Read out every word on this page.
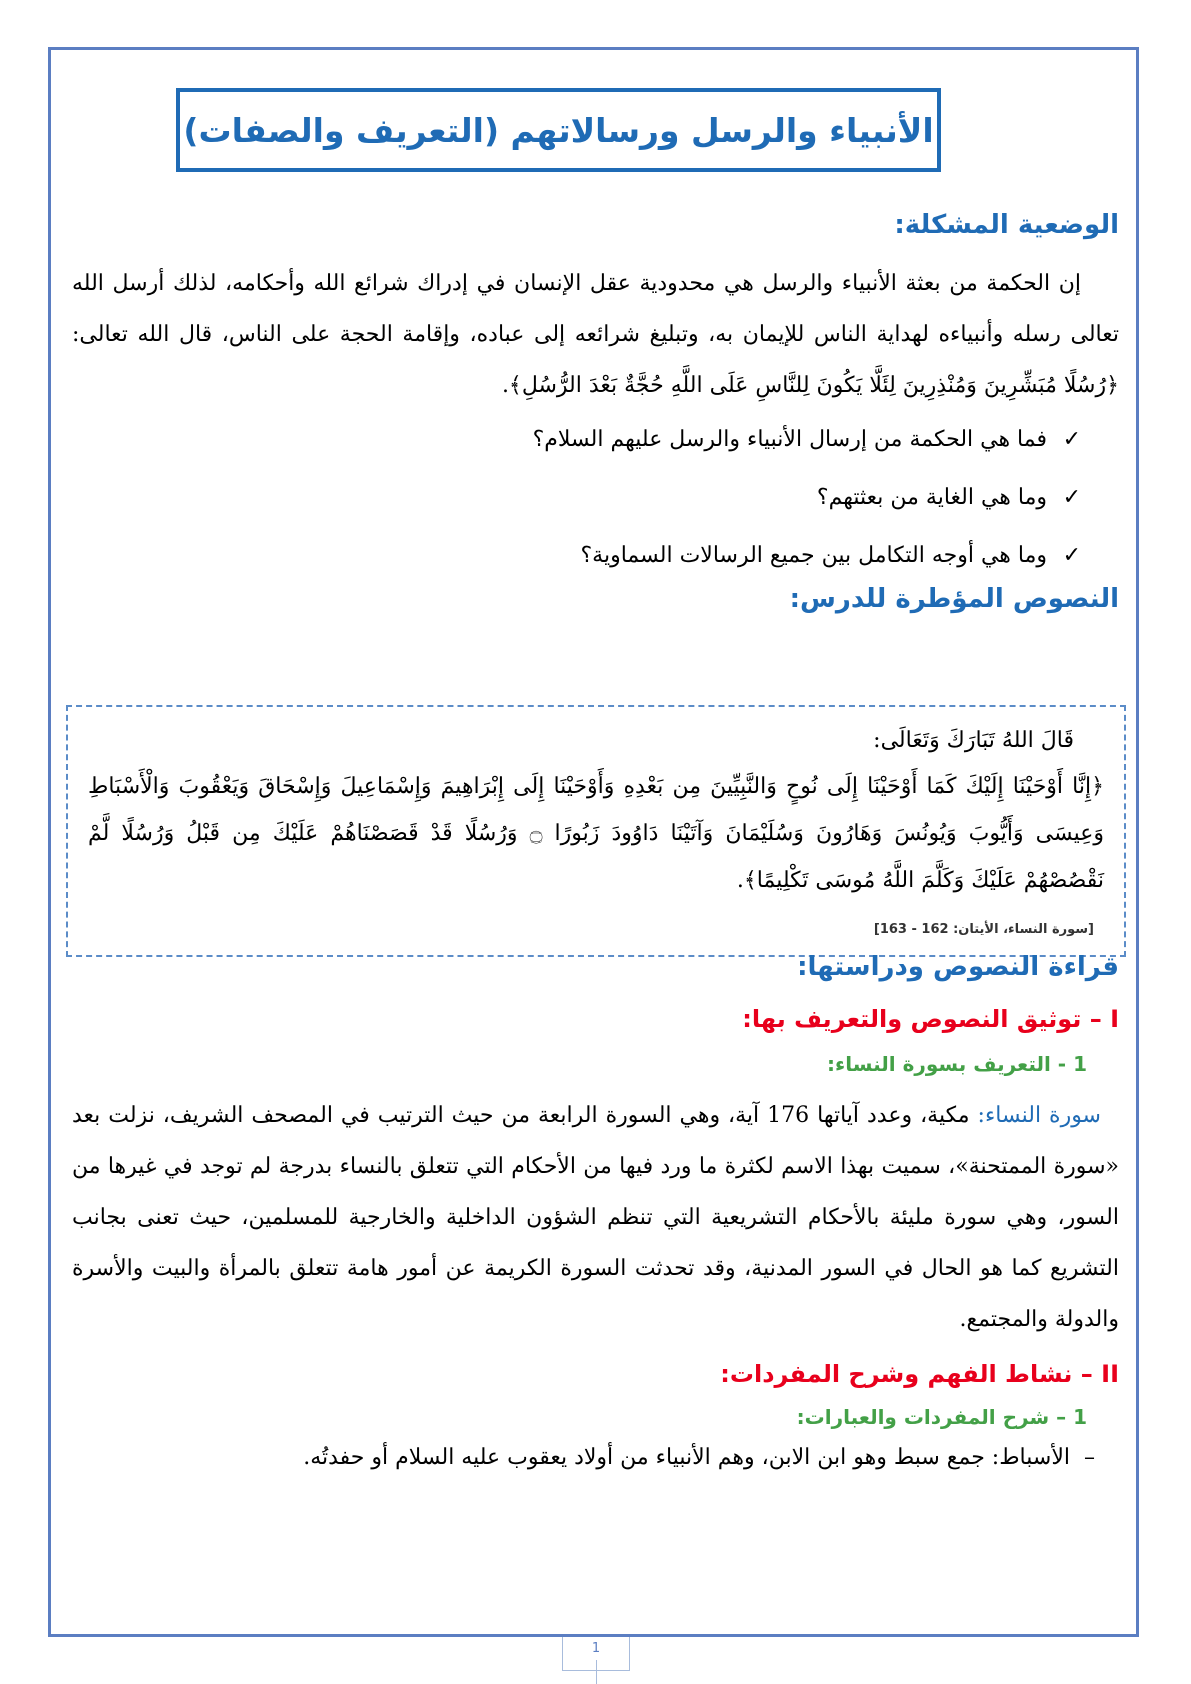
الأنبياء والرسل ورسالاتهم (التعريف والصفات)
الوضعية المشكلة:
إن الحكمة من بعثة الأنبياء والرسل هي محدودية عقل الإنسان في إدراك شرائع الله وأحكامه، لذلك أرسل الله تعالى رسله وأنبياءه لهداية الناس للإيمان به، وتبليغ شرائعه إلى عباده، وإقامة الحجة على الناس، قال الله تعالى: ﴿رُسُلًا مُبَشِّرِينَ وَمُنْذِرِينَ لِئَلَّا يَكُونَ لِلنَّاسِ عَلَى اللَّهِ حُجَّةٌ بَعْدَ الرُّسُلِ﴾.
✓
فما هي الحكمة من إرسال الأنبياء والرسل عليهم السلام؟
✓
وما هي الغاية من بعثتهم؟
✓
وما هي أوجه التكامل بين جميع الرسالات السماوية؟
النصوص المؤطرة للدرس:
قَالَ اللهُ تَبَارَكَ وَتَعَالَى:
﴿إِنَّا أَوْحَيْنَا إِلَيْكَ كَمَا أَوْحَيْنَا إِلَى نُوحٍ وَالنَّبِيِّينَ مِن بَعْدِهِ وَأَوْحَيْنَا إِلَى إِبْرَاهِيمَ وَإِسْمَاعِيلَ وَإِسْحَاقَ وَيَعْقُوبَ وَالْأَسْبَاطِ وَعِيسَى وَأَيُّوبَ وَيُونُسَ وَهَارُونَ وَسُلَيْمَانَ وَآتَيْنَا دَاوُودَ زَبُورًا ۝ وَرُسُلًا قَدْ قَصَصْنَاهُمْ عَلَيْكَ مِن قَبْلُ وَرُسُلًا لَّمْ نَقْصُصْهُمْ عَلَيْكَ وَكَلَّمَ اللَّهُ مُوسَى تَكْلِيمًا﴾.
[سورة النساء، الأيتان: 162 - 163]
قراءة النصوص ودراستها:
I – توثيق النصوص والتعريف بها:
1 - التعريف بسورة النساء:
سورة النساء: مكية، وعدد آياتها 176 آية، وهي السورة الرابعة من حيث الترتيب في المصحف الشريف، نزلت بعد «سورة الممتحنة»، سميت بهذا الاسم لكثرة ما ورد فيها من الأحكام التي تتعلق بالنساء بدرجة لم توجد في غيرها من السور، وهي سورة مليئة بالأحكام التشريعية التي تنظم الشؤون الداخلية والخارجية للمسلمين، حيث تعنى بجانب التشريع كما هو الحال في السور المدنية، وقد تحدثت السورة الكريمة عن أمور هامة تتعلق بالمرأة والبيت والأسرة والدولة والمجتمع.
II – نشاط الفهم وشرح المفردات:
1 – شرح المفردات والعبارات:
–  الأسباط: جمع سبط وهو ابن الابن، وهم الأنبياء من أولاد يعقوب عليه السلام أو حفدتُه.
1
